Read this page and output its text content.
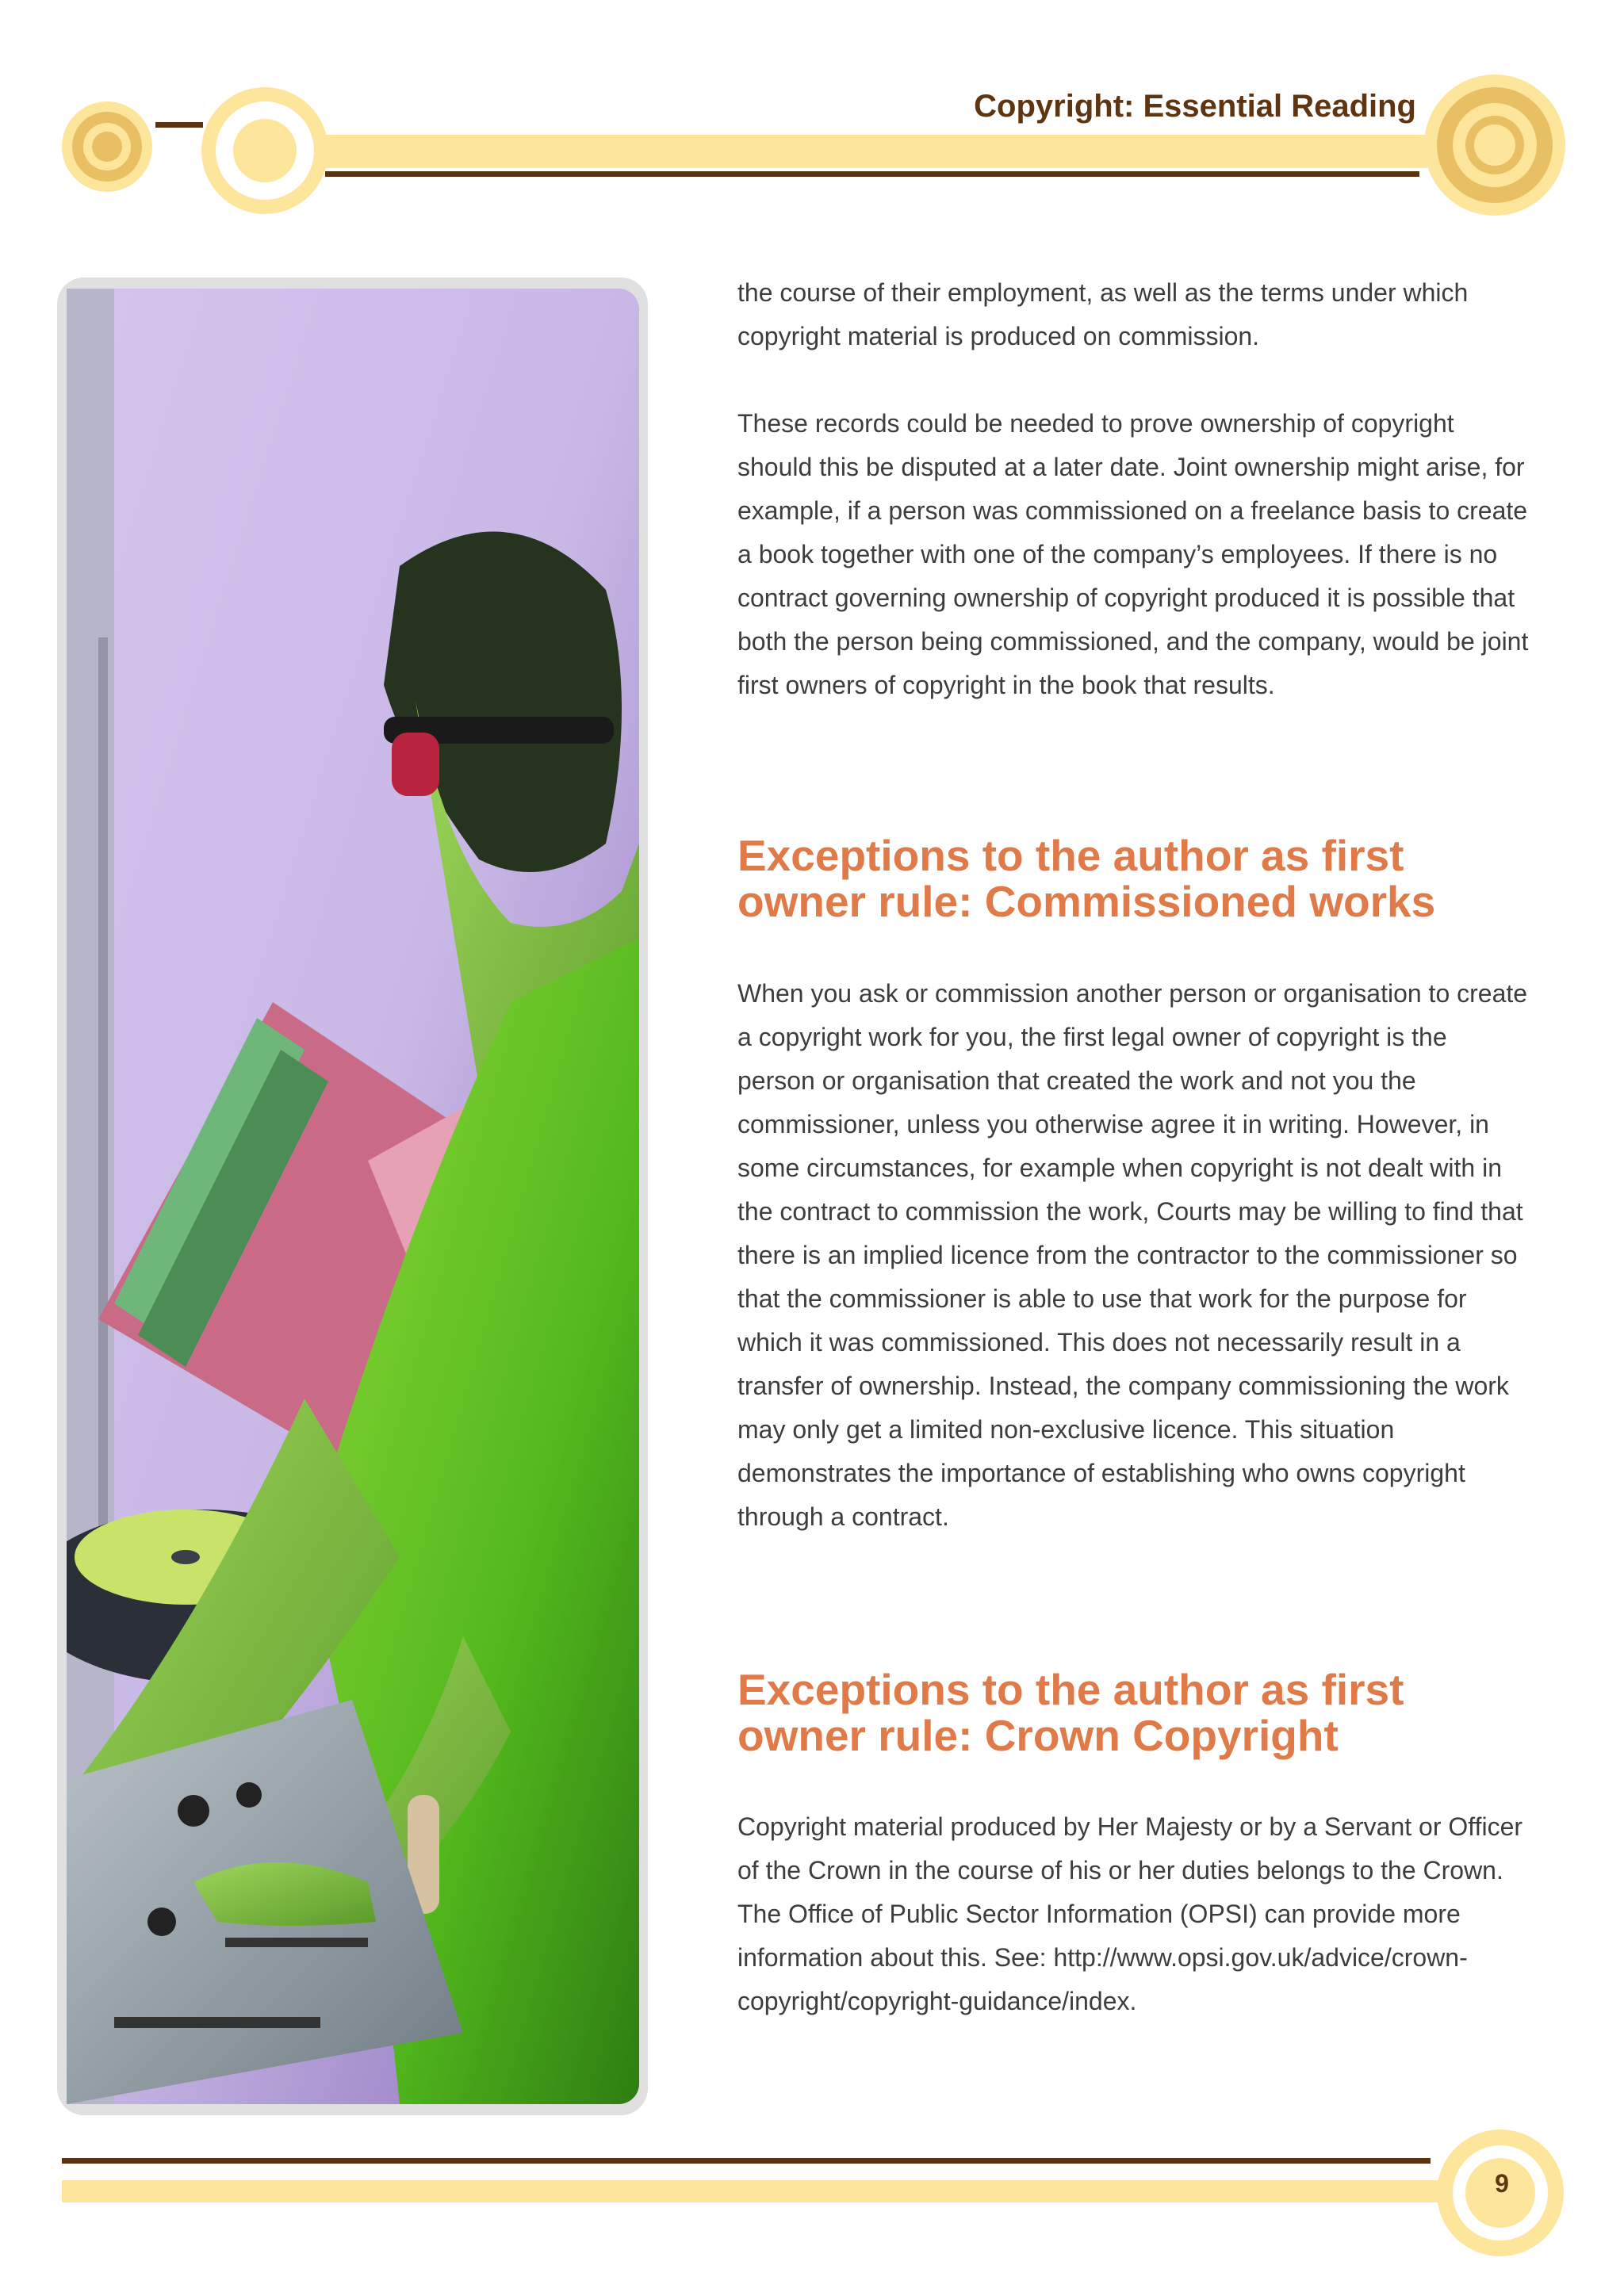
Copyright: Essential Reading

the course of their employment, as well as the terms under which copyright material is produced on commission.

These records could be needed to prove ownership of copyright should this be disputed at a later date. Joint ownership might arise, for example, if a person was commissioned on a freelance basis to create a book together with one of the company’s employees. If there is no contract governing ownership of copyright produced it is possible that both the person being commissioned, and the company, would be joint first owners of copyright in the book that results.

Exceptions to the author as first owner rule: Commissioned works

When you ask or commission another person or organisation to create a copyright work for you, the first legal owner of copyright is the person or organisation that created the work and not you the commissioner, unless you otherwise agree it in writing. However, in some circumstances, for example when copyright is not dealt with in the contract to commission the work, Courts may be willing to find that there is an implied licence from the contractor to the commissioner so that the commissioner is able to use that work for the purpose for which it was commissioned. This does not necessarily result in a transfer of ownership. Instead, the company commissioning the work may only get a limited non-exclusive licence. This situation demonstrates the importance of establishing who owns copyright through a contract.

Exceptions to the author as first owner rule: Crown Copyright

Copyright material produced by Her Majesty or by a Servant or Officer of the Crown in the course of his or her duties belongs to the Crown. The Office of Public Sector Information (OPSI) can provide more information about this. See: http://www.opsi.gov.uk/advice/crown-copyright/copyright-guidance/index.

9
